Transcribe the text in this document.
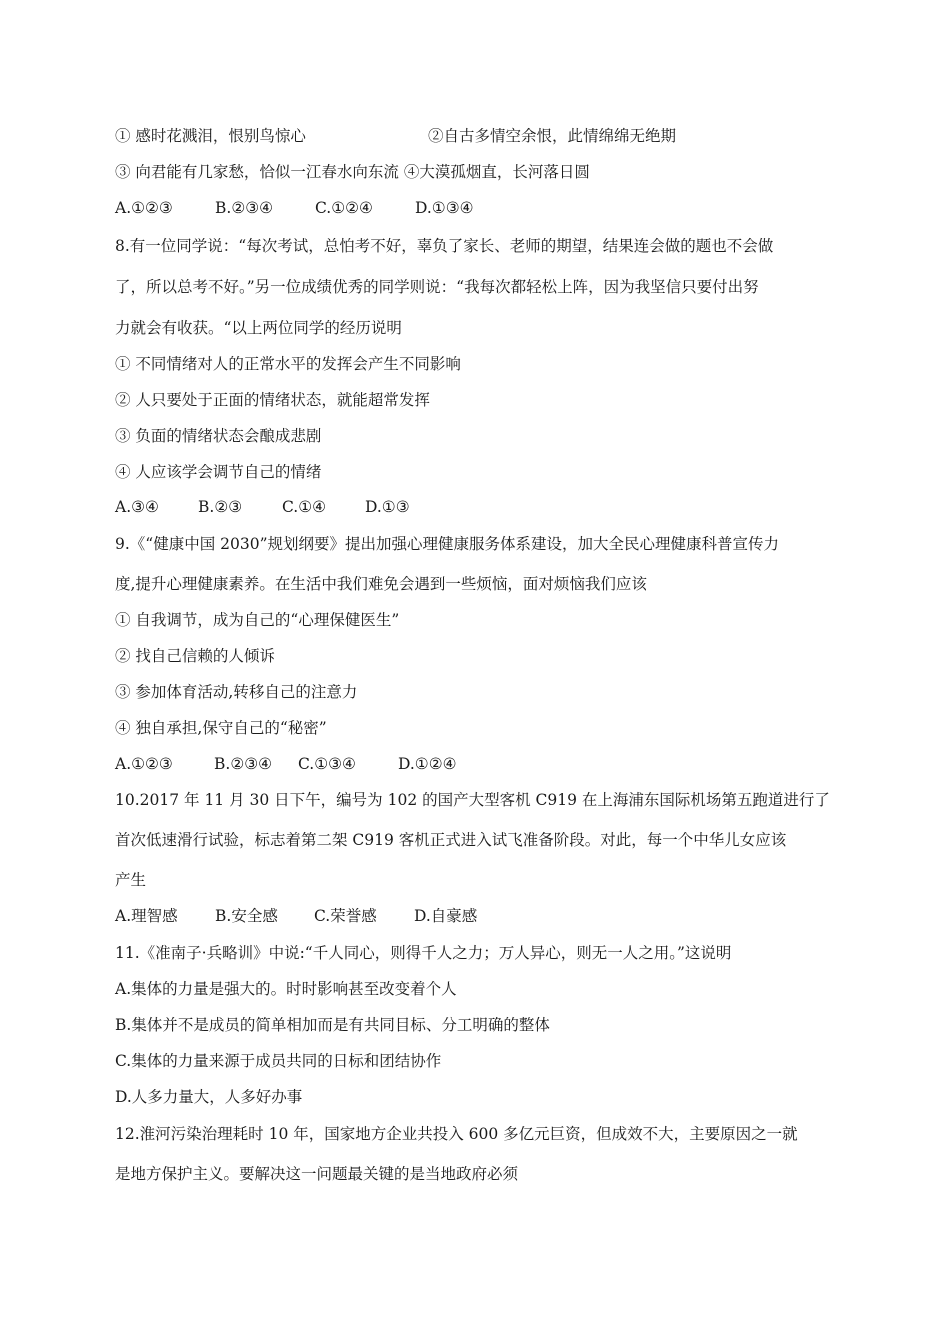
① 感时花溅泪，恨别鸟惊心	②自古多情空余恨，此情绵绵无绝期
③ 向君能有几家愁，恰似一江春水向东流 ④大漠孤烟直，长河落日圆
A.①②③	B.②③④	C.①②④	D.①③④
8.有一位同学说：“每次考试，总怕考不好，辜负了家长、老师的期望，结果连会做的题也不会做
了，所以总考不好。”另一位成绩优秀的同学则说：“我每次都轻松上阵，因为我坚信只要付出努
力就会有收获。“以上两位同学的经历说明
① 不同情绪对人的正常水平的发挥会产生不同影响
② 人只要处于正面的情绪状态，就能超常发挥
③ 负面的情绪状态会酿成悲剧
④ 人应该学会调节自己的情绪
A.③④	B.②③	C.①④	D.①③
9.《“健康中国 2030”规划纲要》提出加强心理健康服务体系建设，加大全民心理健康科普宣传力
度,提升心理健康素养。在生活中我们难免会遇到一些烦恼，面对烦恼我们应该
① 自我调节，成为自己的“心理保健医生”
② 找自己信赖的人倾诉
③ 参加体育活动,转移自己的注意力
④ 独自承担,保守自己的“秘密”
A.①②③	B.②③④ C.①③④	D.①②④
10.2017 年 11 月 30 日下午，编号为 102 的国产大型客机 C919 在上海浦东国际机场第五跑道进行了
首次低速滑行试验，标志着第二架 C919 客机正式进入试飞准备阶段。对此，每一个中华儿女应该
产生
A.理智感 B.安全感 C.荣誉感 D.自豪感
11.《准南子·兵略训》中说:“千人同心，则得千人之力；万人异心，则无一人之用。”这说明
A.集体的力量是强大的。时时影响甚至改变着个人
B.集体并不是成员的简单相加而是有共同目标、分工明确的整体
C.集体的力量来源于成员共同的日标和团结协作
D.人多力量大，人多好办事
12.淮河污染治理耗时 10 年，国家地方企业共投入 600 多亿元巨资，但成效不大，主要原因之一就
是地方保护主义。要解决这一问题最关键的是当地政府必须
